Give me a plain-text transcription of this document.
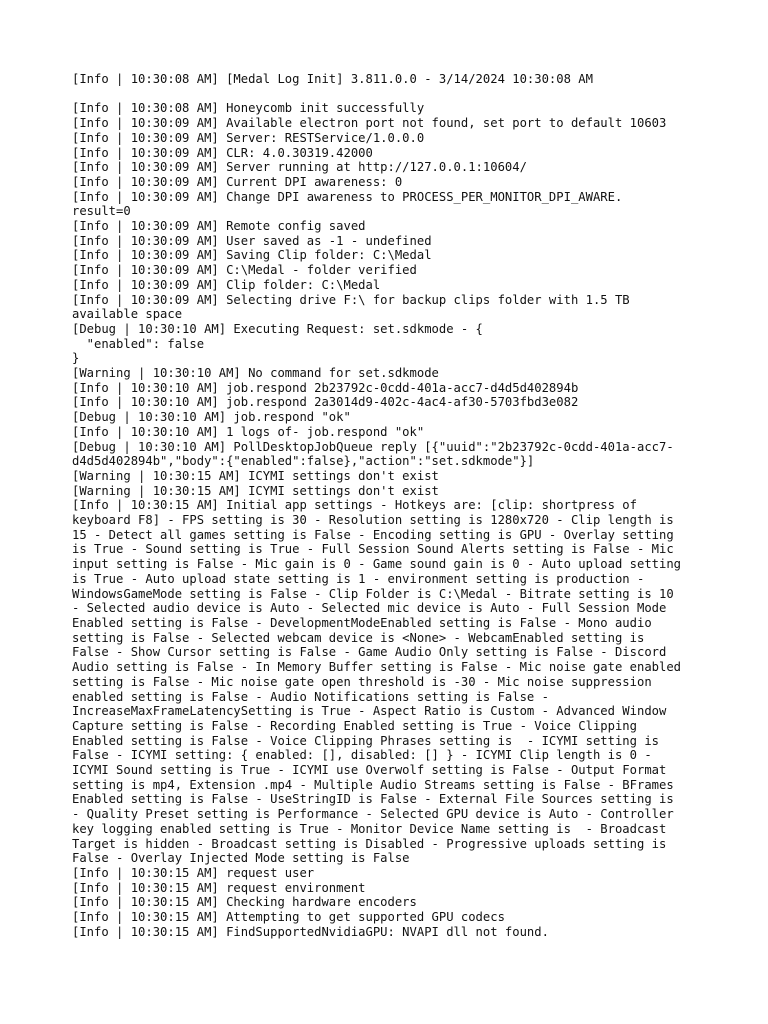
[Info | 10:30:08 AM] [Medal Log Init] 3.811.0.0 - 3/14/2024 10:30:08 AM
[Info | 10:30:08 AM] Honeycomb init successfully
[Info | 10:30:09 AM] Available electron port not found, set port to default 10603
[Info | 10:30:09 AM] Server: RESTService/1.0.0.0
[Info | 10:30:09 AM] CLR: 4.0.30319.42000
[Info | 10:30:09 AM] Server running at http://127.0.0.1:10604/
[Info | 10:30:09 AM] Current DPI awareness: 0
[Info | 10:30:09 AM] Change DPI awareness to PROCESS_PER_MONITOR_DPI_AWARE.
result=0
[Info | 10:30:09 AM] Remote config saved
[Info | 10:30:09 AM] User saved as -1 - undefined
[Info | 10:30:09 AM] Saving Clip folder: C:\Medal
[Info | 10:30:09 AM] C:\Medal - folder verified
[Info | 10:30:09 AM] Clip folder: C:\Medal
[Info | 10:30:09 AM] Selecting drive F:\ for backup clips folder with 1.5 TB
available space
[Debug | 10:30:10 AM] Executing Request: set.sdkmode - {
"enabled": false
}
[Warning | 10:30:10 AM] No command for set.sdkmode
[Info | 10:30:10 AM] job.respond 2b23792c-0cdd-401a-acc7-d4d5d402894b
[Info | 10:30:10 AM] job.respond 2a3014d9-402c-4ac4-af30-5703fbd3e082
[Debug | 10:30:10 AM] job.respond "ok"
[Info | 10:30:10 AM] 1 logs of- job.respond "ok"
[Debug | 10:30:10 AM] PollDesktopJobQueue reply [{"uuid":"2b23792c-0cdd-401a-acc7-
d4d5d402894b","body":{"enabled":false},"action":"set.sdkmode"}]
[Warning | 10:30:15 AM] ICYMI settings don't exist
[Warning | 10:30:15 AM] ICYMI settings don't exist
[Info | 10:30:15 AM] Initial app settings - Hotkeys are: [clip: shortpress of
keyboard F8] - FPS setting is 30 - Resolution setting is 1280x720 - Clip length is
15 - Detect all games setting is False - Encoding setting is GPU - Overlay setting
is True - Sound setting is True - Full Session Sound Alerts setting is False - Mic
input setting is False - Mic gain is 0 - Game sound gain is 0 - Auto upload setting
is True - Auto upload state setting is 1 - environment setting is production -
WindowsGameMode setting is False - Clip Folder is C:\Medal - Bitrate setting is 10
- Selected audio device is Auto - Selected mic device is Auto - Full Session Mode
Enabled setting is False - DevelopmentModeEnabled setting is False - Mono audio
setting is False - Selected webcam device is <None> - WebcamEnabled setting is
False - Show Cursor setting is False - Game Audio Only setting is False - Discord
Audio setting is False - In Memory Buffer setting is False - Mic noise gate enabled
setting is False - Mic noise gate open threshold is -30 - Mic noise suppression
enabled setting is False - Audio Notifications setting is False -
IncreaseMaxFrameLatencySetting is True - Aspect Ratio is Custom - Advanced Window
Capture setting is False - Recording Enabled setting is True - Voice Clipping
Enabled setting is False - Voice Clipping Phrases setting is  - ICYMI setting is
False - ICYMI setting: { enabled: [], disabled: [] } - ICYMI Clip length is 0 -
ICYMI Sound setting is True - ICYMI use Overwolf setting is False - Output Format
setting is mp4, Extension .mp4 - Multiple Audio Streams setting is False - BFrames
Enabled setting is False - UseStringID is False - External File Sources setting is
- Quality Preset setting is Performance - Selected GPU device is Auto - Controller
key logging enabled setting is True - Monitor Device Name setting is  - Broadcast
Target is hidden - Broadcast setting is Disabled - Progressive uploads setting is
False - Overlay Injected Mode setting is False
[Info | 10:30:15 AM] request user
[Info | 10:30:15 AM] request environment
[Info | 10:30:15 AM] Checking hardware encoders
[Info | 10:30:15 AM] Attempting to get supported GPU codecs
[Info | 10:30:15 AM] FindSupportedNvidiaGPU: NVAPI dll not found.
